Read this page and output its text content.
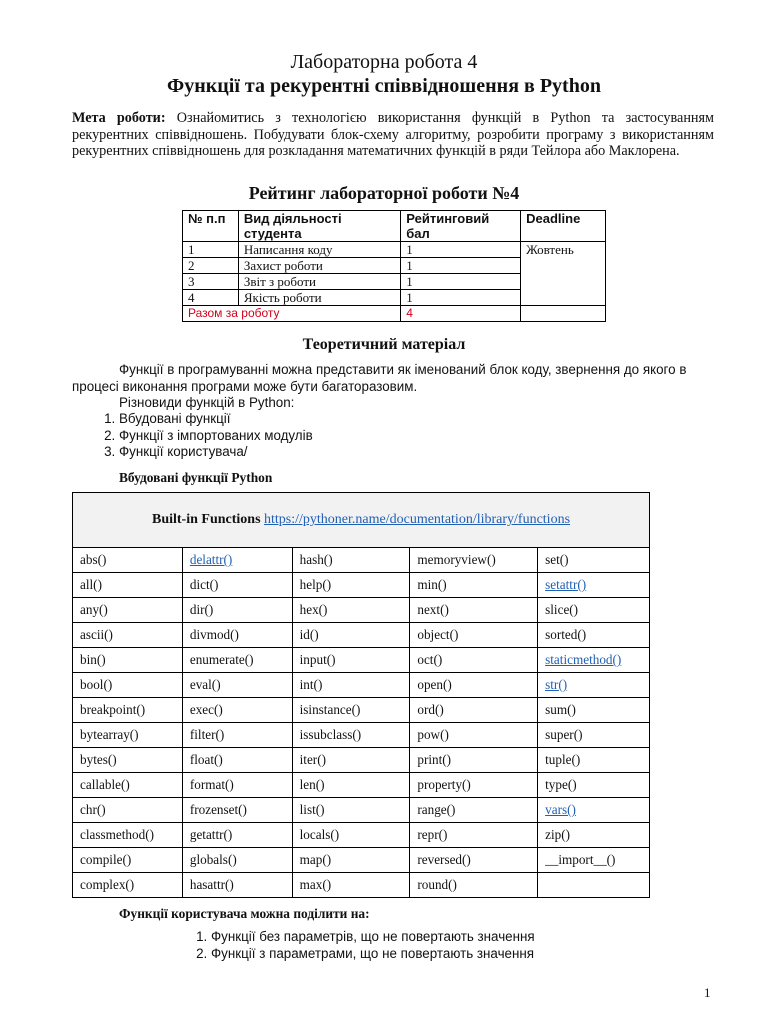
Лабораторна робота 4
Функції та рекурентні співвідношення в Python

Мета роботи: Ознайомитись з технологією використання функцій в Python та застосуванням рекурентних співвідношень. Побудувати блок-схему алгоритму, розробити програму з використанням рекурентних співвідношень для розкладання математичних функцій в ряди Тейлора або Маклорена.

Рейтинг лабораторної роботи №4
№ п.п	Вид діяльності студента	Рейтинговий бал	Deadline
1	Написання коду	1	Жовтень
2	Захист роботи	1	
3	Звіт з роботи	1	
4	Якість роботи	1	
Разом за роботу		4	
Теоретичний матеріал

Функції в програмуванні можна представити як іменований блок коду, звернення до якого в процесі виконання програми може бути багаторазовим.

Різновиди функцій в Python:

1. Вбудовані функції
2. Функції з імпортованих модулів
3. Функції користувача/

Вбудовані функції Python

Built-in Functions https://pythoner.name/documentation/library/functions				
abs()	delattr()	hash()	memoryview()	set()
all()	dict()	help()	min()	setattr()
any()	dir()	hex()	next()	slice()
ascii()	divmod()	id()	object()	sorted()
bin()	enumerate()	input()	oct()	staticmethod()
bool()	eval()	int()	open()	str()
breakpoint()	exec()	isinstance()	ord()	sum()
bytearray()	filter()	issubclass()	pow()	super()
bytes()	float()	iter()	print()	tuple()
callable()	format()	len()	property()	type()
chr()	frozenset()	list()	range()	vars()
classmethod()	getattr()	locals()	repr()	zip()
compile()	globals()	map()	reversed()	__import__()
complex()	hasattr()	max()	round()	

Функції користувача можна поділити на:

1. Функції без параметрів, що не повертають значення
2. Функції з параметрами, що не повертають значення
1
